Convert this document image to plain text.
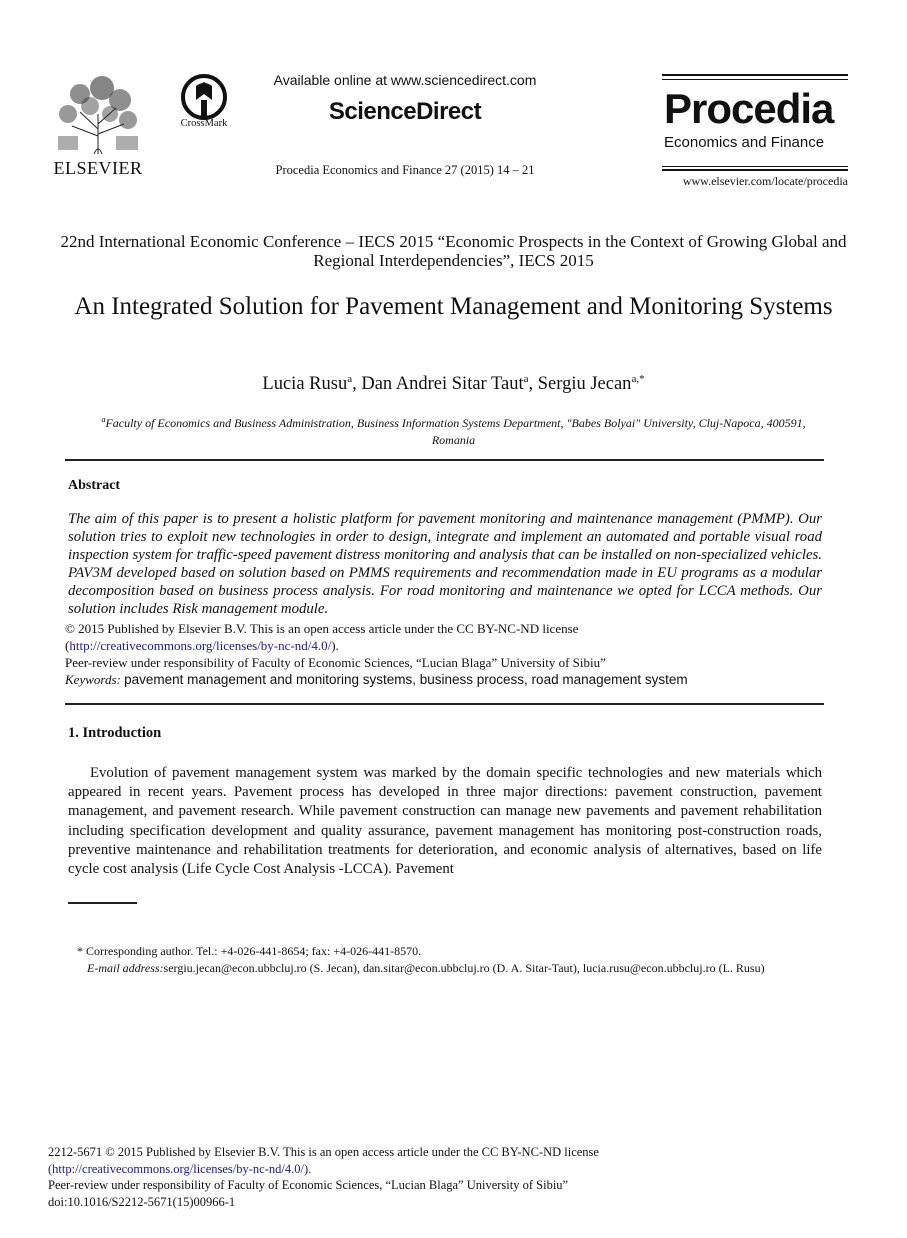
ELSEVIER
CrossMark
Available online at www.sciencedirect.com
ScienceDirect
Procedia Economics and Finance 27 (2015) 14 – 21
Procedia
Economics and Finance
www.elsevier.com/locate/procedia
22nd International Economic Conference – IECS 2015 “Economic Prospects in the Context of Growing Global and Regional Interdependencies”, IECS 2015
An Integrated Solution for Pavement Management and Monitoring Systems
Lucia Rusu$^a$, Dan Andrei Sitar Taut$^a$, Sergiu Jecan$^{a,*}$
$^a$Faculty of Economics and Business Administration, Business Information Systems Department, "Babes Bolyai" University, Cluj-Napoca, 400591, Romania
Abstract
The aim of this paper is to present a holistic platform for pavement monitoring and maintenance management (PMMP). Our solution tries to exploit new technologies in order to design, integrate and implement an automated and portable visual road inspection system for traffic-speed pavement distress monitoring and analysis that can be installed on non-specialized vehicles. PAV3M developed based on solution based on PMMS requirements and recommendation made in EU programs as a modular decomposition based on business process analysis. For road monitoring and maintenance we opted for LCCA methods. Our solution includes Risk management module.
© 2015 Published by Elsevier B.V. This is an open access article under the CC BY-NC-ND license
(http://creativecommons.org/licenses/by-nc-nd/4.0/).
Peer-review under responsibility of Faculty of Economic Sciences, “Lucian Blaga” University of Sibiu”
Keywords: pavement management and monitoring systems, business process, road management system
1. Introduction
Evolution of pavement management system was marked by the domain specific technologies and new materials which appeared in recent years. Pavement process has developed in three major directions: pavement construction, pavement management, and pavement research. While pavement construction can manage new pavements and pavement rehabilitation including specification development and quality assurance, pavement management has monitoring post-construction roads, preventive maintenance and rehabilitation treatments for deterioration, and economic analysis of alternatives, based on life cycle cost analysis (Life Cycle Cost Analysis -LCCA). Pavement
* Corresponding author. Tel.: +4-026-441-8654; fax: +4-026-441-8570.
E-mail address:sergiu.jecan@econ.ubbcluj.ro (S. Jecan), dan.sitar@econ.ubbcluj.ro (D. A. Sitar-Taut), lucia.rusu@econ.ubbcluj.ro (L. Rusu)
2212-5671 © 2015 Published by Elsevier B.V. This is an open access article under the CC BY-NC-ND license
(http://creativecommons.org/licenses/by-nc-nd/4.0/).
Peer-review under responsibility of Faculty of Economic Sciences, “Lucian Blaga” University of Sibiu”
doi:10.1016/S2212-5671(15)00966-1
